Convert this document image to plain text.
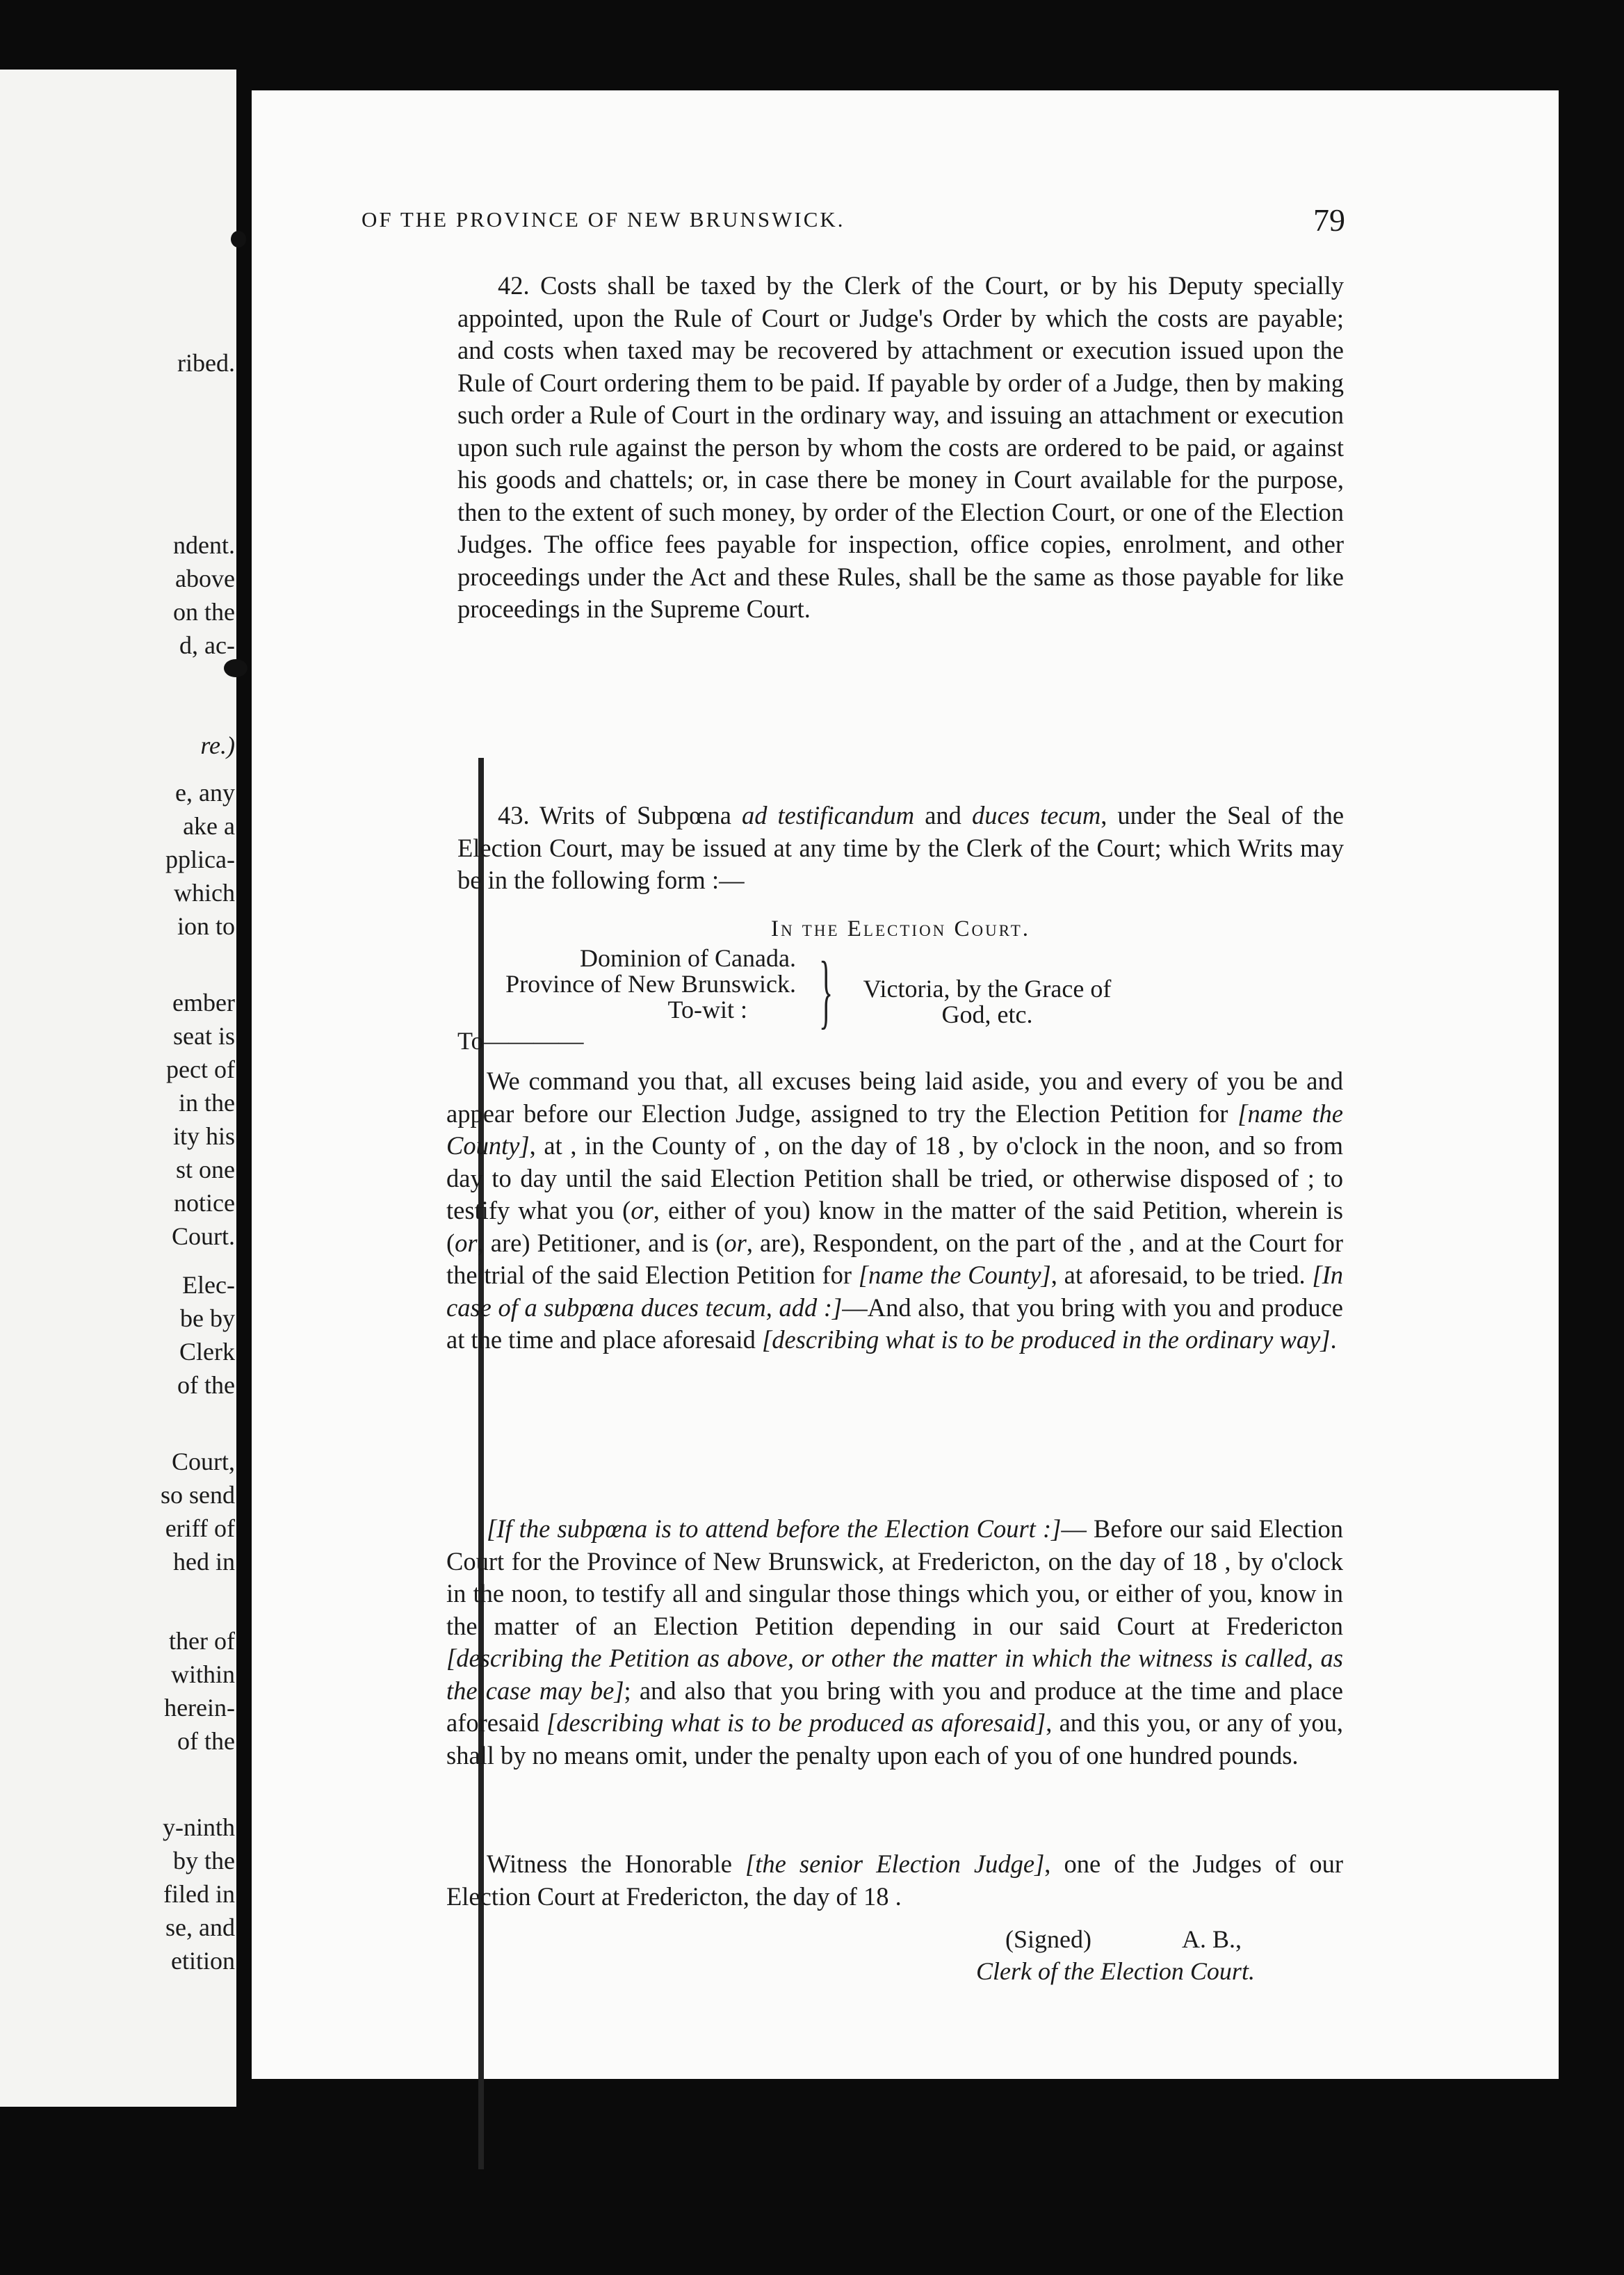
ribed.
ndent.
above
on the
d, ac-
re.)
e, any
ake a
pplica-
which
ion to
ember
seat is
pect of
in the
ity his
st one
notice
Court.
Elec-
be by
Clerk
of the
Court,
so send
eriff of
hed in
ther of
within
herein-
of the
y-ninth
by the
filed in
se, and
etition
OF THE PROVINCE OF NEW BRUNSWICK.	79

42. Costs shall be taxed by the Clerk of the Court, or by his Deputy specially appointed, upon the Rule of Court or Judge's Order by which the costs are payable; and costs when taxed may be recovered by attachment or execution issued upon the Rule of Court ordering them to be paid. If payable by order of a Judge, then by making such order a Rule of Court in the ordinary way, and issuing an attachment or execution upon such rule against the person by whom the costs are ordered to be paid, or against his goods and chattels; or, in case there be money in Court available for the purpose, then to the extent of such money, by order of the Election Court, or one of the Election Judges. The office fees payable for inspection, office copies, enrolment, and other proceedings under the Act and these Rules, shall be the same as those payable for like proceedings in the Supreme Court.

43. Writs of Subpœna ad testificandum and duces tecum, under the Seal of the Election Court, may be issued at any time by the Clerk of the Court; which Writs may be in the following form :—

In the Election Court.
Dominion of Canada.
Province of New Brunswick.
To-wit : }	Victoria, by the Grace of
God, etc.
To————

We command you that, all excuses being laid aside, you and every of you be and appear before our Election Judge, assigned to try the Election Petition for [name the County], at , in the County of , on the day of 18 , by o'clock in the noon, and so from day to day until the said Election Petition shall be tried, or otherwise disposed of ; to testify what you (or, either of you) know in the matter of the said Petition, wherein is (or, are) Petitioner, and is (or, are), Respondent, on the part of the , and at the Court for the trial of the said Election Petition for [name the County], at aforesaid, to be tried. [In case of a subpœna duces tecum, add :]—And also, that you bring with you and produce at the time and place aforesaid [describing what is to be produced in the ordinary way].

[If the subpœna is to attend before the Election Court :]— Before our said Election Court for the Province of New Brunswick, at Fredericton, on the day of 18 , by o'clock in the noon, to testify all and singular those things which you, or either of you, know in the matter of an Election Petition depending in our said Court at Fredericton [describing the Petition as above, or other the matter in which the witness is called, as the case may be]; and also that you bring with you and produce at the time and place aforesaid [describing what is to be produced as aforesaid], and this you, or any of you, shall by no means omit, under the penalty upon each of you of one hundred pounds.

Witness the Honorable [the senior Election Judge], one of the Judges of our Election Court at Fredericton, the day of 18 .

(Signed)	A. B.,
Clerk of the Election Court.
